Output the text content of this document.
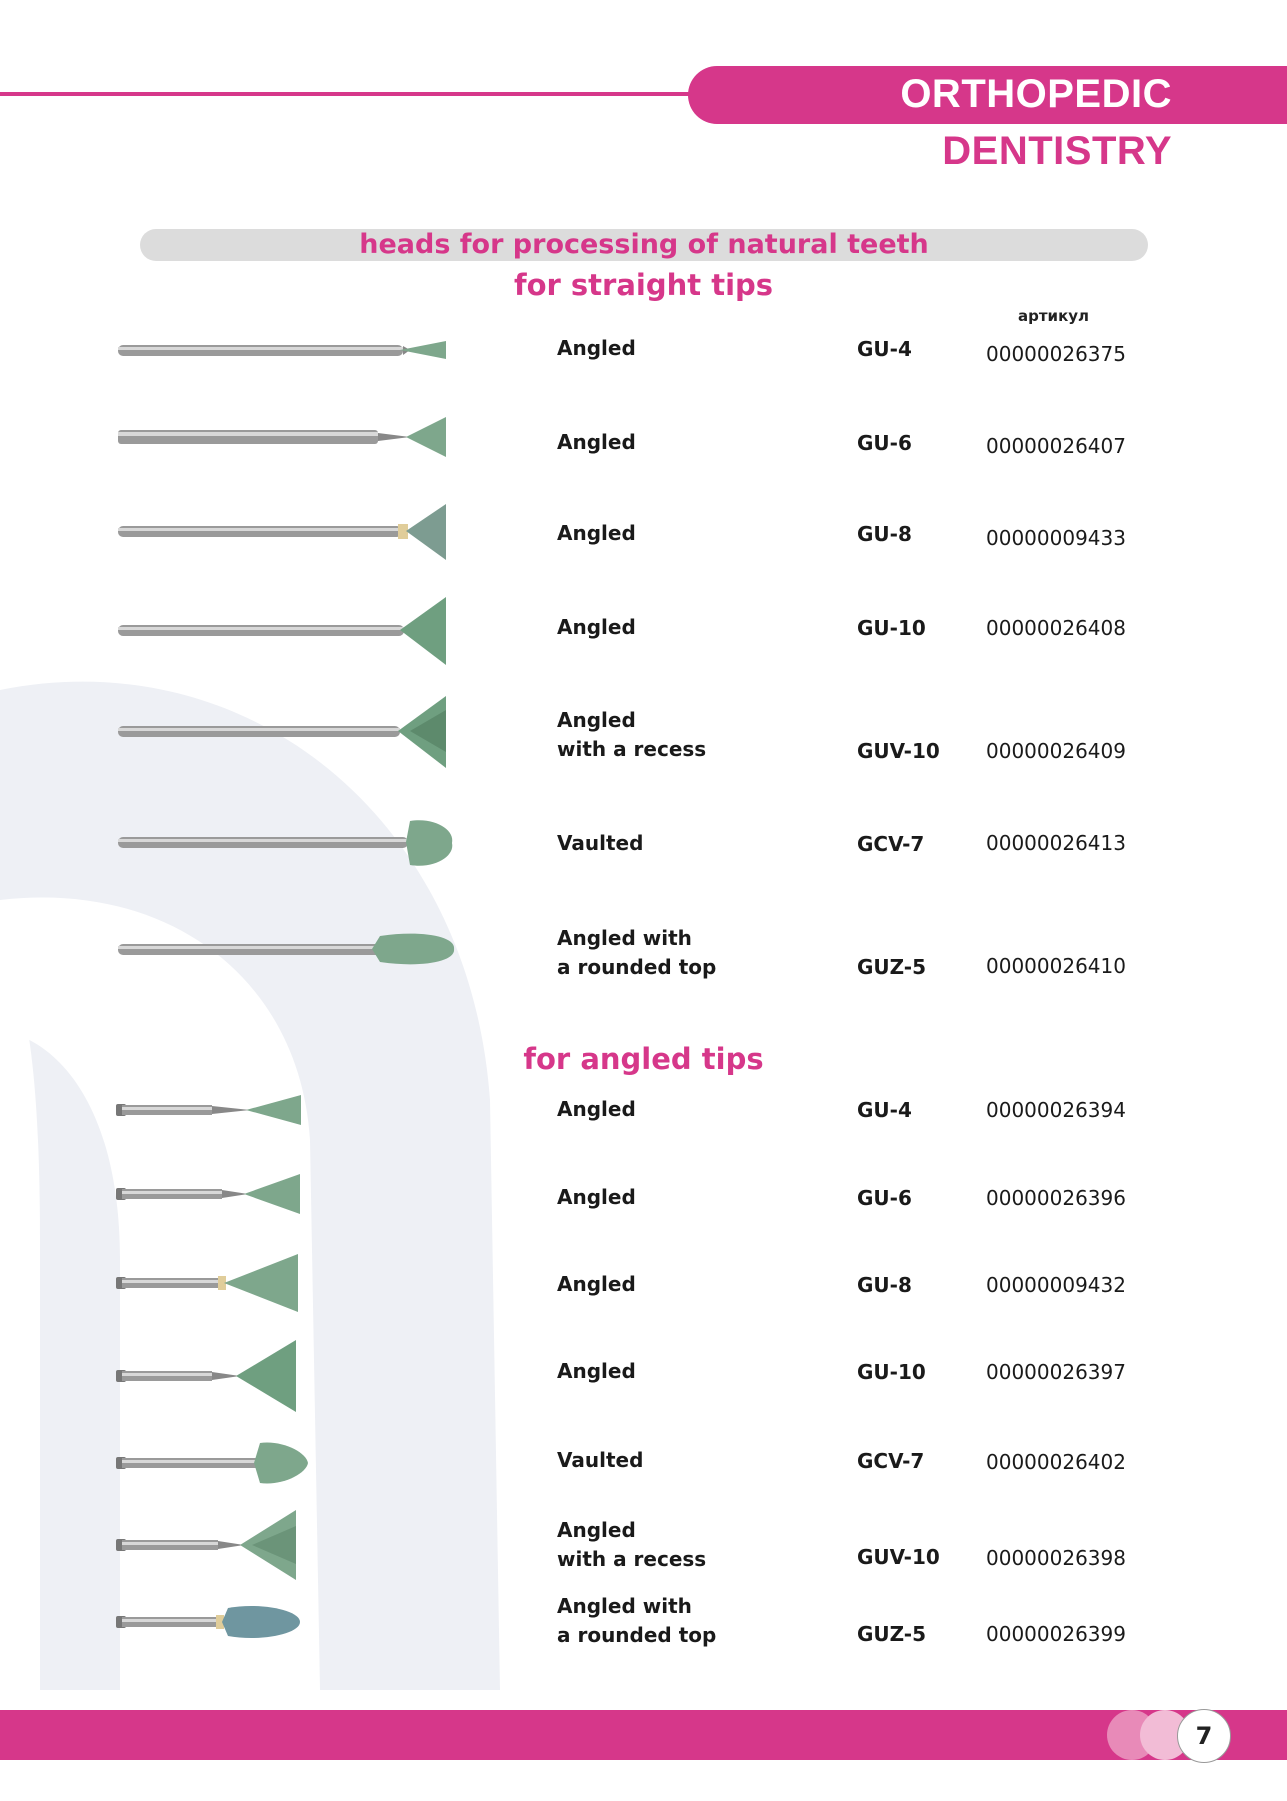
ORTHOPEDIC
DENTISTRY
heads for processing of natural teeth
for straight tips
артикул
Angled	GU-4	00000026375
Angled	GU-6	00000026407
Angled	GU-8	00000009433
Angled	GU-10	00000026408
Angled
with a recess	GUV-10 00000026409
Vaulted	GCV-7	00000026413
Angled with
a rounded top	GUZ-5	00000026410
for angled tips
Angled	GU-4	00000026394
Angled	GU-6	00000026396
Angled	GU-8	00000009432
Angled	GU-10	00000026397
Vaulted	GCV-7	00000026402
Angled
with a recess	GUV-10 00000026398
Angled with
a rounded top	GUZ-5	00000026399
7
